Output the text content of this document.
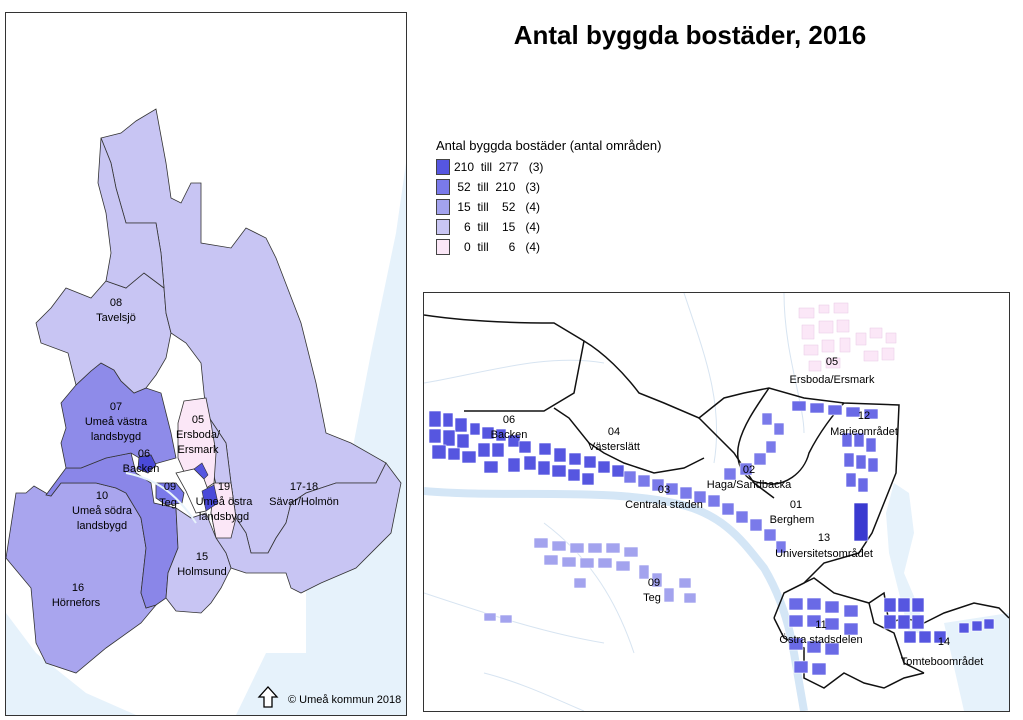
Antal byggda bostäder, 2016
Antal byggda bostäder (antal områden)
210  till  277   (3)
52  till  210   (3)
15  till    52   (4)
6  till    15   (4)
0  till      6   (4)
08
Tavelsjö
07
Umeå västra
landsbygd
06
Backen
10
Umeå södra
landsbygd
09
Teg
05
Ersboda/
Ersmark
19
Umeå östra
landsbygd
17-18
Sävar/Holmön
15
Holmsund
16
Hörnefors
© Umeå kommun 2018
05
Ersboda/Ersmark
06
Backen	04
Västerslätt
12
Marieområdet
02
Haga/Sandbacka
03
Centrala staden	01
Berghem
13
Universitetsområdet
09
Teg
11
Östra stadsdelen	14
Tomteboområdet
